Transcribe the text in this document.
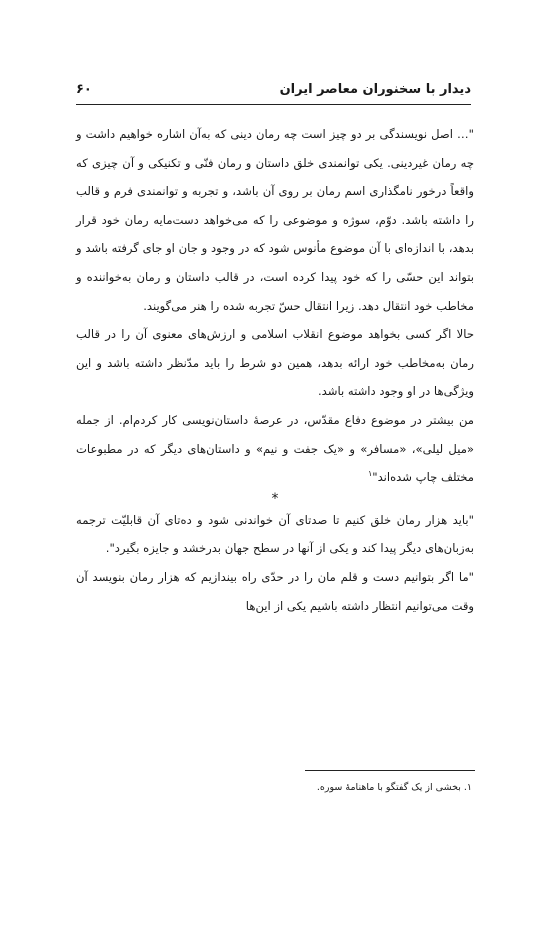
دیدار با سخنوران معاصر ایران
۶۰

"… اصل نویسندگی بر دو چیز است چه رمان دینی که به‌آن اشاره خواهیم داشت و چه رمان غیردینی. یکی توانمندی خلق داستان و رمان فنّی و تکنیکی و آن چیزی که واقعاً درخور نامگذاری اسم رمان بر روی آن باشد، و تجربه و توانمندی فرم و قالب را داشته باشد. دوّم، سوژه و موضوعی را که می‌خواهد دست‌مایه رمان خود قرار بدهد، با اندازه‌ای با آن موضوع مأنوس شود که در وجود و جان او جای گرفته باشد و بتواند این حسّی را که خود پیدا کرده است، در قالب داستان و رمان به‌خواننده و مخاطب خود انتقال دهد. زیرا انتقال حسّ تجربه شده را هنر می‌گویند.

حالا اگر کسی بخواهد موضوع انقلاب اسلامی و ارزش‌های معنوی آن را در قالب رمان به‌مخاطب خود ارائه بدهد، همین دو شرط را باید مدّنظر داشته باشد و این ویژگی‌ها در او وجود داشته باشد.

من بیشتر در موضوع دفاع مقدّس، در عرصهٔ داستان‌نویسی کار کردم‌ام. از جمله «میل لیلی»، «مسافر» و «یک جفت و نیم» و داستان‌های دیگر که در مطبوعات مختلف چاپ شده‌اند"$^۱$

*

"باید هزار رمان خلق کنیم تا صدتای آن خواندنی شود و ده‌تای آن قابلیّت ترجمه به‌زبان‌های دیگر پیدا کند و یکی از آنها در سطح جهان بدرخشد و جایزه بگیرد".

"ما اگر بتوانیم دست و قلم مان را در حدّی راه بیندازیم که هزار رمان بنویسد آن وقت می‌توانیم انتظار داشته باشیم یکی از این‌ها

۱. بخشی از یک گفتگو با ماهنامهٔ سوره.
